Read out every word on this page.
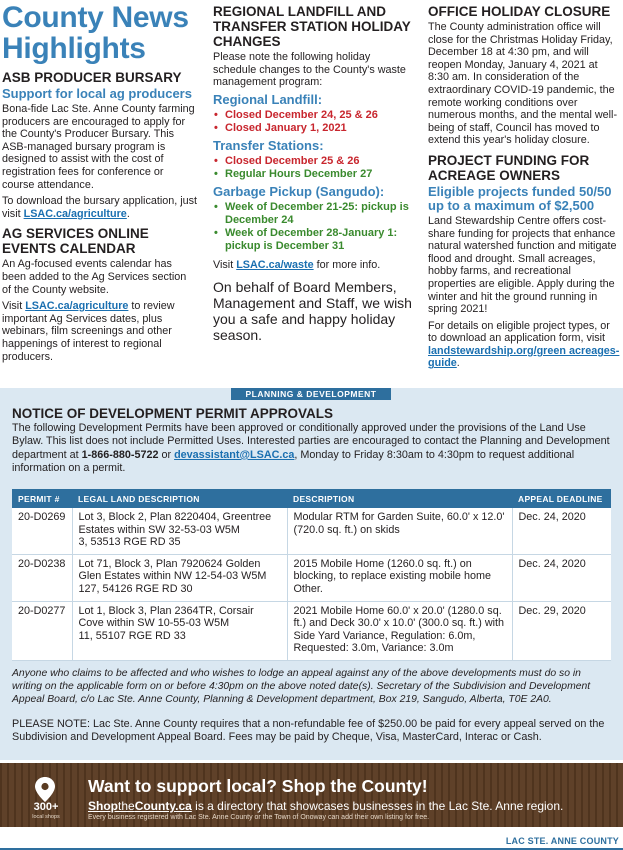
County News Highlights
ASB PRODUCER BURSARY
Support for local ag producers

Bona-fide Lac Ste. Anne County farming producers are encouraged to apply for the County's Producer Bursary. This ASB-managed bursary program is designed to assist with the cost of registration fees for conference or course attendance.

To download the bursary application, just visit LSAC.ca/agriculture.

AG SERVICES ONLINE EVENTS CALENDAR

An Ag-focused events calendar has been added to the Ag Services section of the County website.

Visit LSAC.ca/agriculture to review important Ag Services dates, plus webinars, film screenings and other happenings of interest to regional producers.

REGIONAL LANDFILL AND TRANSFER STATION HOLIDAY CHANGES

Please note the following holiday schedule changes to the County's waste management program:

Regional Landfill:
• Closed December 24, 25 & 26
• Closed January 1, 2021
Transfer Stations:
• Closed December 25 & 26
• Regular Hours December 27
Garbage Pickup (Sangudo):
• Week of December 21-25: pickup is December 24
• Week of December 28-January 1: pickup is December 31

Visit LSAC.ca/waste for more info.

On behalf of Board Members, Management and Staff, we wish you a safe and happy holiday season.
OFFICE HOLIDAY CLOSURE

The County administration office will close for the Christmas Holiday Friday, December 18 at 4:30 pm, and will reopen Monday, January 4, 2021 at 8:30 am. In consideration of the extraordinary COVID-19 pandemic, the remote working conditions over numerous months, and the mental well-being of staff, Council has moved to extend this year's holiday closure.

PROJECT FUNDING FOR ACREAGE OWNERS
Eligible projects funded 50/50 up to a maximum of $2,500

Land Stewardship Centre offers cost-share funding for projects that enhance natural watershed function and mitigate flood and drought. Small acreages, hobby farms, and recreational properties are eligible. Apply during the winter and hit the ground running in spring 2021!

For details on eligible project types, or to download an application form, visit landstewardship.org/green acreages-guide.

PLANNING & DEVELOPMENT
NOTICE OF DEVELOPMENT PERMIT APPROVALS
The following Development Permits have been approved or conditionally approved under the provisions of the Land Use Bylaw. This list does not include Permitted Uses. Interested parties are encouraged to contact the Planning and Development department at 1-866-880-5722 or devassistant@LSAC.ca, Monday to Friday 8:30am to 4:30pm to request additional information on a permit.
PERMIT #	LEGAL LAND DESCRIPTION	DESCRIPTION	APPEAL DEADLINE
20-D0269	Lot 3, Block 2, Plan 8220404, Greentree Estates within SW 32-53-03 W5M
3, 53513 RGE RD 35	Modular RTM for Garden Suite, 60.0' x 12.0' (720.0 sq. ft.) on skids	Dec. 24, 2020
20-D0238	Lot 71, Block 3, Plan 7920624 Golden Glen Estates within NW 12-54-03 W5M
127, 54126 RGE RD 30	2015 Mobile Home (1260.0 sq. ft.) on blocking, to replace existing mobile home Other.	Dec. 24, 2020
20-D0277	Lot 1, Block 3, Plan 2364TR, Corsair Cove within SW 10-55-03 W5M
11, 55107 RGE RD 33	2021 Mobile Home 60.0' x 20.0' (1280.0 sq. ft.) and Deck 30.0' x 10.0' (300.0 sq. ft.) with Side Yard Variance, Regulation: 6.0m, Requested: 3.0m, Variance: 3.0m	Dec. 29, 2020
Anyone who claims to be affected and who wishes to lodge an appeal against any of the above developments must do so in writing on the applicable form on or before 4:30pm on the above noted date(s). Secretary of the Subdivision and Development Appeal Board, c/o Lac Ste. Anne County, Planning & Development department, Box 219, Sangudo, Alberta, T0E 2A0.
PLEASE NOTE: Lac Ste. Anne County requires that a non-refundable fee of $250.00 be paid for every appeal served on the Subdivision and Development Appeal Board. Fees may be paid by Cheque, Visa, MasterCard, Interac or Cash.
300+
local shops
Want to support local? Shop the County!
ShoptheCounty.ca is a directory that showcases businesses in the Lac Ste. Anne region.
Every business registered with Lac Ste. Anne County or the Town of Onoway can add their own listing for free.
LAC STE. ANNE COUNTY
